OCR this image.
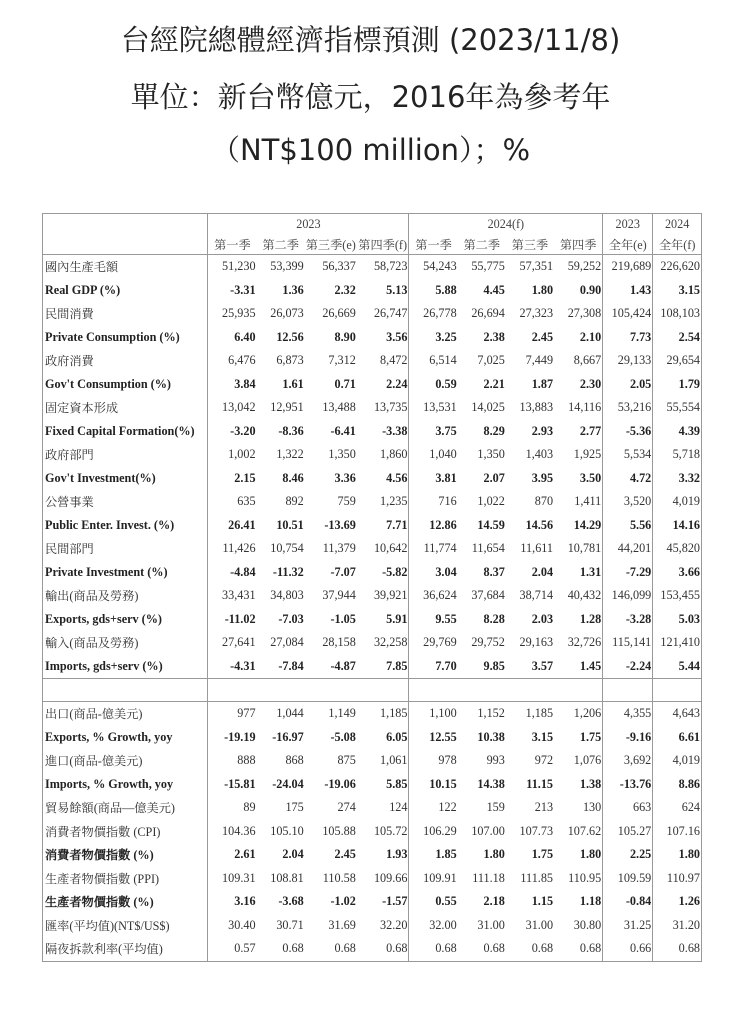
台經院總體經濟指標預測 (2023/11/8)
單位：新台幣億元，2016年為參考年
（NT$100 million）；%
	2023				2024(f)				2023	2024
	第一季	第二季	第三季(e)	第四季(f)	第一季	第二季	第三季	第四季	全年(e)	全年(f)
國內生產毛額	51,230	53,399	56,337	58,723	54,243	55,775	57,351	59,252	219,689	226,620
Real GDP (%)	-3.31	1.36	2.32	5.13	5.88	4.45	1.80	0.90	1.43	3.15
民間消費	25,935	26,073	26,669	26,747	26,778	26,694	27,323	27,308	105,424	108,103
Private Consumption (%)	6.40	12.56	8.90	3.56	3.25	2.38	2.45	2.10	7.73	2.54
政府消費	6,476	6,873	7,312	8,472	6,514	7,025	7,449	8,667	29,133	29,654
Gov't Consumption (%)	3.84	1.61	0.71	2.24	0.59	2.21	1.87	2.30	2.05	1.79
固定資本形成	13,042	12,951	13,488	13,735	13,531	14,025	13,883	14,116	53,216	55,554
Fixed Capital Formation(%)	-3.20	-8.36	-6.41	-3.38	3.75	8.29	2.93	2.77	-5.36	4.39
政府部門	1,002	1,322	1,350	1,860	1,040	1,350	1,403	1,925	5,534	5,718
Gov't Investment(%)	2.15	8.46	3.36	4.56	3.81	2.07	3.95	3.50	4.72	3.32
公營事業	635	892	759	1,235	716	1,022	870	1,411	3,520	4,019
Public Enter. Invest. (%)	26.41	10.51	-13.69	7.71	12.86	14.59	14.56	14.29	5.56	14.16
民間部門	11,426	10,754	11,379	10,642	11,774	11,654	11,611	10,781	44,201	45,820
Private Investment (%)	-4.84	-11.32	-7.07	-5.82	3.04	8.37	2.04	1.31	-7.29	3.66
輸出(商品及勞務)	33,431	34,803	37,944	39,921	36,624	37,684	38,714	40,432	146,099	153,455
Exports, gds+serv (%)	-11.02	-7.03	-1.05	5.91	9.55	8.28	2.03	1.28	-3.28	5.03
輸入(商品及勞務)	27,641	27,084	28,158	32,258	29,769	29,752	29,163	32,726	115,141	121,410
Imports, gds+serv (%)	-4.31	-7.84	-4.87	7.85	7.70	9.85	3.57	1.45	-2.24	5.44

出口(商品-億美元)	977	1,044	1,149	1,185	1,100	1,152	1,185	1,206	4,355	4,643
Exports, % Growth, yoy	-19.19	-16.97	-5.08	6.05	12.55	10.38	3.15	1.75	-9.16	6.61
進口(商品-億美元)	888	868	875	1,061	978	993	972	1,076	3,692	4,019
Imports, % Growth, yoy	-15.81	-24.04	-19.06	5.85	10.15	14.38	11.15	1.38	-13.76	8.86
貿易餘額(商品—億美元)	89	175	274	124	122	159	213	130	663	624
消費者物價指數 (CPI)	104.36	105.10	105.88	105.72	106.29	107.00	107.73	107.62	105.27	107.16
消費者物價指數 (%)	2.61	2.04	2.45	1.93	1.85	1.80	1.75	1.80	2.25	1.80
生產者物價指數 (PPI)	109.31	108.81	110.58	109.66	109.91	111.18	111.85	110.95	109.59	110.97
生產者物價指數 (%)	3.16	-3.68	-1.02	-1.57	0.55	2.18	1.15	1.18	-0.84	1.26
匯率(平均值)(NT$/US$)	30.40	30.71	31.69	32.20	32.00	31.00	31.00	30.80	31.25	31.20
隔夜拆款利率(平均值)	0.57	0.68	0.68	0.68	0.68	0.68	0.68	0.68	0.66	0.68
